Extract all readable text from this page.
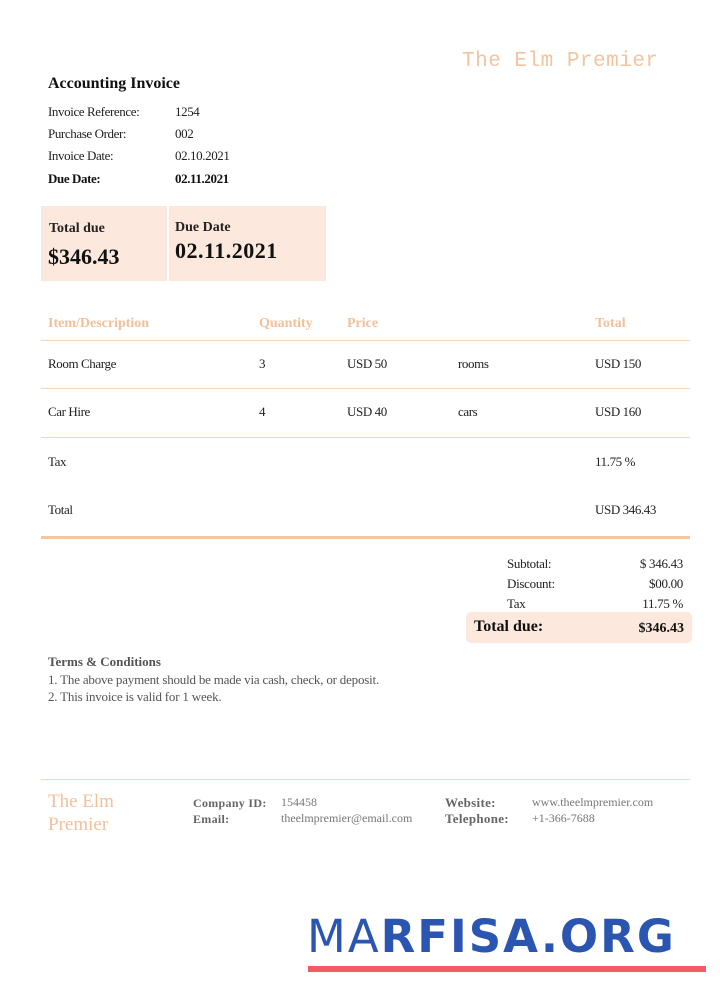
The Elm Premier
Accounting Invoice
Invoice Reference:	1254
Purchase Order:	002
Invoice Date:	02.10.2021
Due Date:	02.11.2021
Total due
$346.43
Due Date
02.11.2021
Item/Description	Quantity Price	Total
Room Charge	3	USD 50	rooms	USD 150
Car Hire	4	USD 40	cars	USD 160
Tax	11.75 %
Total	USD 346.43
Subtotal:	$ 346.43
Discount:	$00.00
Tax	11.75 %
Total due:	$346.43
Terms & Conditions
1. The above payment should be made via cash, check, or deposit.
2. This invoice is valid for 1 week.
The Elm
Premier
Company ID: 154458
Email:	theelmpremier@email.com
Website:	www.theelmpremier.com
Telephone: +1-366-7688
MARFISA.ORG
